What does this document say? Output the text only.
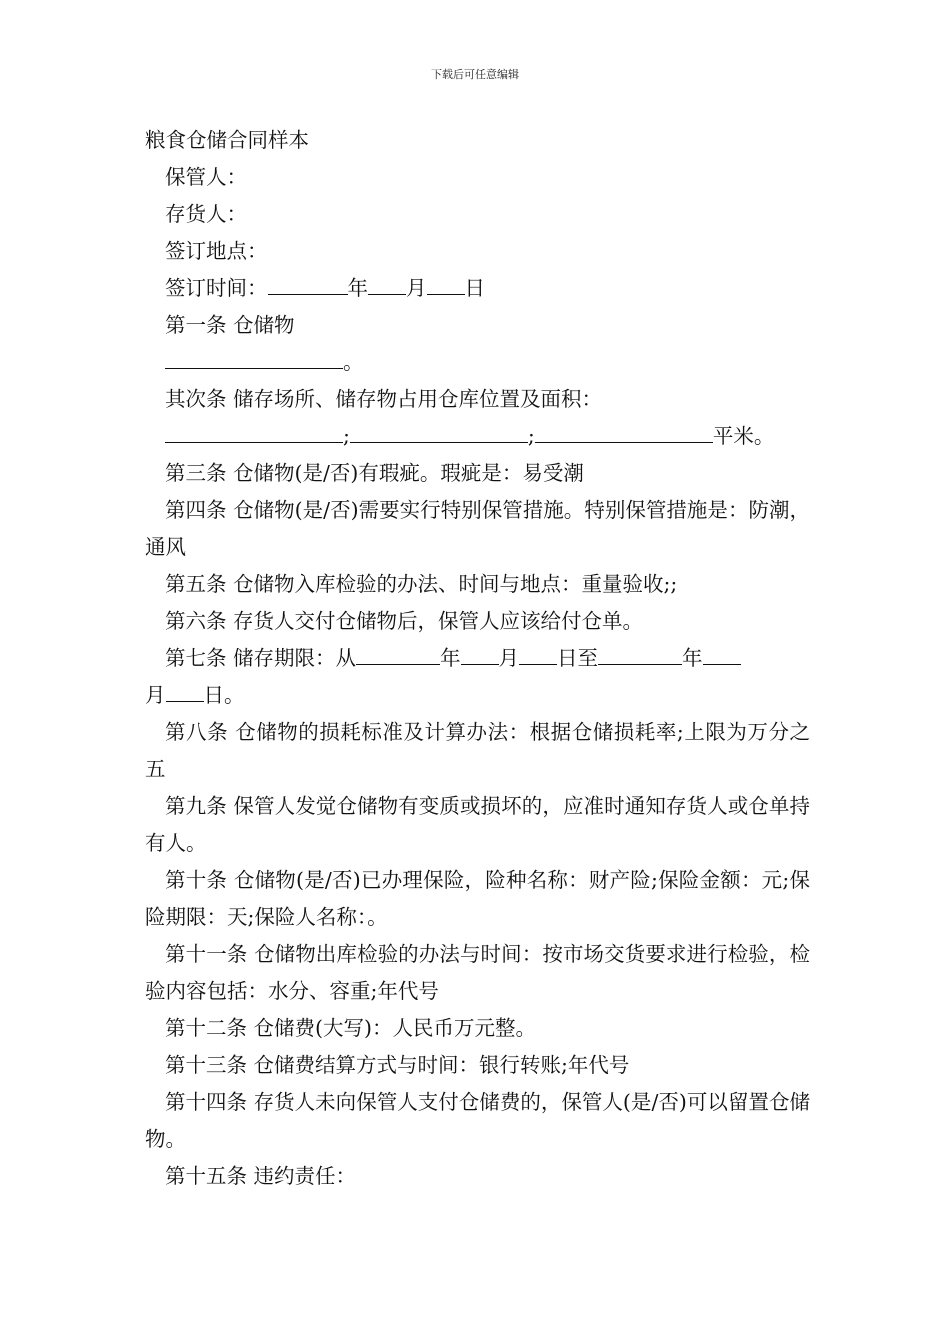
下载后可任意编辑
粮食仓储合同样本
保管人：
存货人：
签订地点：
签订时间：	年 月 日
第一条 仓储物
。
其次条 储存场所、储存物占用仓库位置及面积：
;	;	平米。
第三条 仓储物(是/否)有瑕疵。瑕疵是：易受潮
第四条 仓储物(是/否)需要实行特别保管措施。特别保管措施是：防潮，通风
第五条 仓储物入库检验的办法、时间与地点：重量验收;;
第六条 存货人交付仓储物后，保管人应该给付仓单。
第七条 储存期限：从	年 月 日至	年
月 日。
第八条 仓储物的损耗标准及计算办法：根据仓储损耗率;上限为万分之五
第九条 保管人发觉仓储物有变质或损坏的，应准时通知存货人或仓单持有人。
第十条 仓储物(是/否)已办理保险，险种名称：财产险;保险金额：元;保险期限：天;保险人名称：。
第十一条 仓储物出库检验的办法与时间：按市场交货要求进行检验，检验内容包括：水分、容重;年代号
第十二条 仓储费(大写)：人民币万元整。
第十三条 仓储费结算方式与时间：银行转账;年代号
第十四条 存货人未向保管人支付仓储费的，保管人(是/否)可以留置仓储物。
第十五条 违约责任：
